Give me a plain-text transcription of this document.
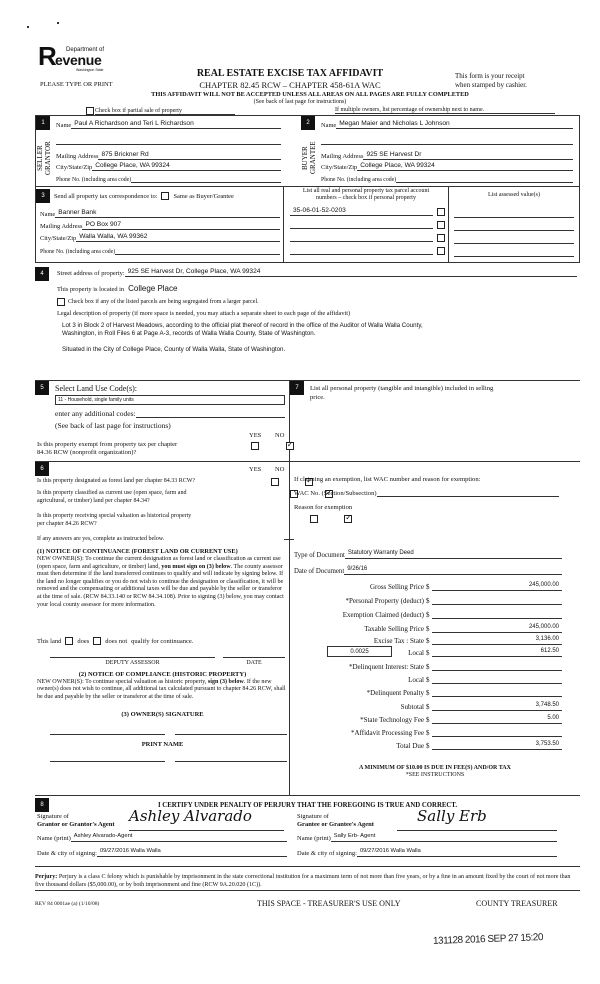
R Department of
evenue
Washington State
PLEASE TYPE OR PRINT
REAL ESTATE EXCISE TAX AFFIDAVIT
CHAPTER 82.45 RCW – CHAPTER 458-61A WAC
This form is your receipt
when stamped by cashier.
THIS AFFIDAVIT WILL NOT BE ACCEPTED UNLESS ALL AREAS ON ALL PAGES ARE FULLY COMPLETED
(See back of last page for instructions)
Check box if partial sale of property	If multiple owners, list percentage of ownership next to name.
1
SELLER GRANTOR
Name Paul A Richardson and Teri L Richardson
Mailing Address 875 Brickner Rd
City/State/Zip College Place, WA 99324
Phone No. (including area code)
2
BUYER GRANTEE
Name Megan Maier and Nicholas L Johnson
Mailing Address 925 SE Harvest Dr
City/State/Zip College Place, WA 99324
Phone No. (including area code)
3	Send all property tax correspondence to:	Same as Buyer/Grantee
Name Banner Bank
Mailing Address PO Box 907
City/State/Zip Walla Walla, WA 99362
Phone No. (including area code)
List all real and personal property tax parcel account
numbers – check box if personal property
35-06-01-52-0203
List assessed value(s)
4	Street address of property: 925 SE Harvest Dr, College Place, WA 99324
This property is located in College Place
Check box if any of the listed parcels are being segregated from a larger parcel.
Legal description of property (if more space is needed, you may attach a separate sheet to each page of the affidavit)
Lot 3 in Block 2 of Harvest Meadows, according to the official plat thereof of record in the office of the Auditor of Walla Walla County,
Washington, in Roll Files 6 at Page A-3, records of Walla Walla County, State of Washington.
Situated in the City of College Place, County of Walla Walla, State of Washington.
5	Select Land Use Code(s):
11 - Household, single family units
enter any additional codes:
(See back of last page for instructions)
YES NO
Is this property exempt from property tax per chapter
84.36 RCW (nonprofit organization)?
✓
6	YES NO
Is this property designated as forest land per chapter 84.33 RCW?
✓
Is this property classified as current use (open space, farm and
agricultural, or timber) land per chapter 84.34?
✓
Is this property receiving special valuation as historical property
per chapter 84.26 RCW?
✓
If any answers are yes, complete as instructed below.
(1) NOTICE OF CONTINUANCE (FOREST LAND OR CURRENT USE)
NEW OWNER(S): To continue the current designation as forest land or classification as current use (open space, farm and agriculture, or timber) land, you must sign on (3) below. The county assessor must then determine if the land transferred continues to qualify and will indicate by signing below. If the land no longer qualifies or you do not wish to continue the designation or classification, it will be removed and the compensating or additional taxes will be due and payable by the seller or transferor at the time of sale. (RCW 84.33.140 or RCW 84.34.108). Prior to signing (3) below, you may contact your local county assessor for more information.
This land does does not qualify for continuance.
DEPUTY ASSESSOR	DATE
(2) NOTICE OF COMPLIANCE (HISTORIC PROPERTY)
NEW OWNER(S): To continue special valuation as historic property, sign (3) below. If the new owner(s) does not wish to continue, all additional tax calculated pursuant to chapter 84.26 RCW, shall be due and payable by the seller or transferor at the time of sale.
(3) OWNER(S) SIGNATURE
PRINT NAME
7	List all personal property (tangible and intangible) included in selling
price.
If claiming an exemption, list WAC number and reason for exemption:
WAC No. (Section/Subsection)
Reason for exemption
Type of Document Statutory Warranty Deed
Date of Document 9/26/16
Gross Selling Price $	245,000.00
*Personal Property (deduct) $
Exemption Claimed (deduct) $
Taxable Selling Price $	245,000.00
Excise Tax : State $	3,136.00
0.0025	Local $	612.50
*Delinquent Interest: State $
Local $
*Delinquent Penalty $
Subtotal $	3,748.50
*State Technology Fee $	5.00
*Affidavit Processing Fee $
Total Due $	3,753.50
A MINIMUM OF $10.00 IS DUE IN FEE(S) AND/OR TAX
*SEE INSTRUCTIONS
8	I CERTIFY UNDER PENALTY OF PERJURY THAT THE FOREGOING IS TRUE AND CORRECT.
Signature of
Grantor or Grantor's Agent Ashley Alvarado
Name (print) Ashley Alvarado-Agent
Date & city of signing: 09/27/2016 Walla Walla
Signature of
Grantee or Grantee's Agent	Sally Erb
Name (print) Sally Erb- Agent
Date & city of signing: 09/27/2016 Walla Walla
Perjury: Perjury is a class C felony which is punishable by imprisonment in the state correctional institution for a maximum term of not more than five years, or by a fine in an amount fixed by the court of not more than five thousand dollars ($5,000.00), or by both imprisonment and fine (RCW 9A.20.020 (1C)).
REV 84 0001ae (a) (1/10/08)	THIS SPACE - TREASURER'S USE ONLY	COUNTY TREASURER
131128 2016 SEP 27 15:20
